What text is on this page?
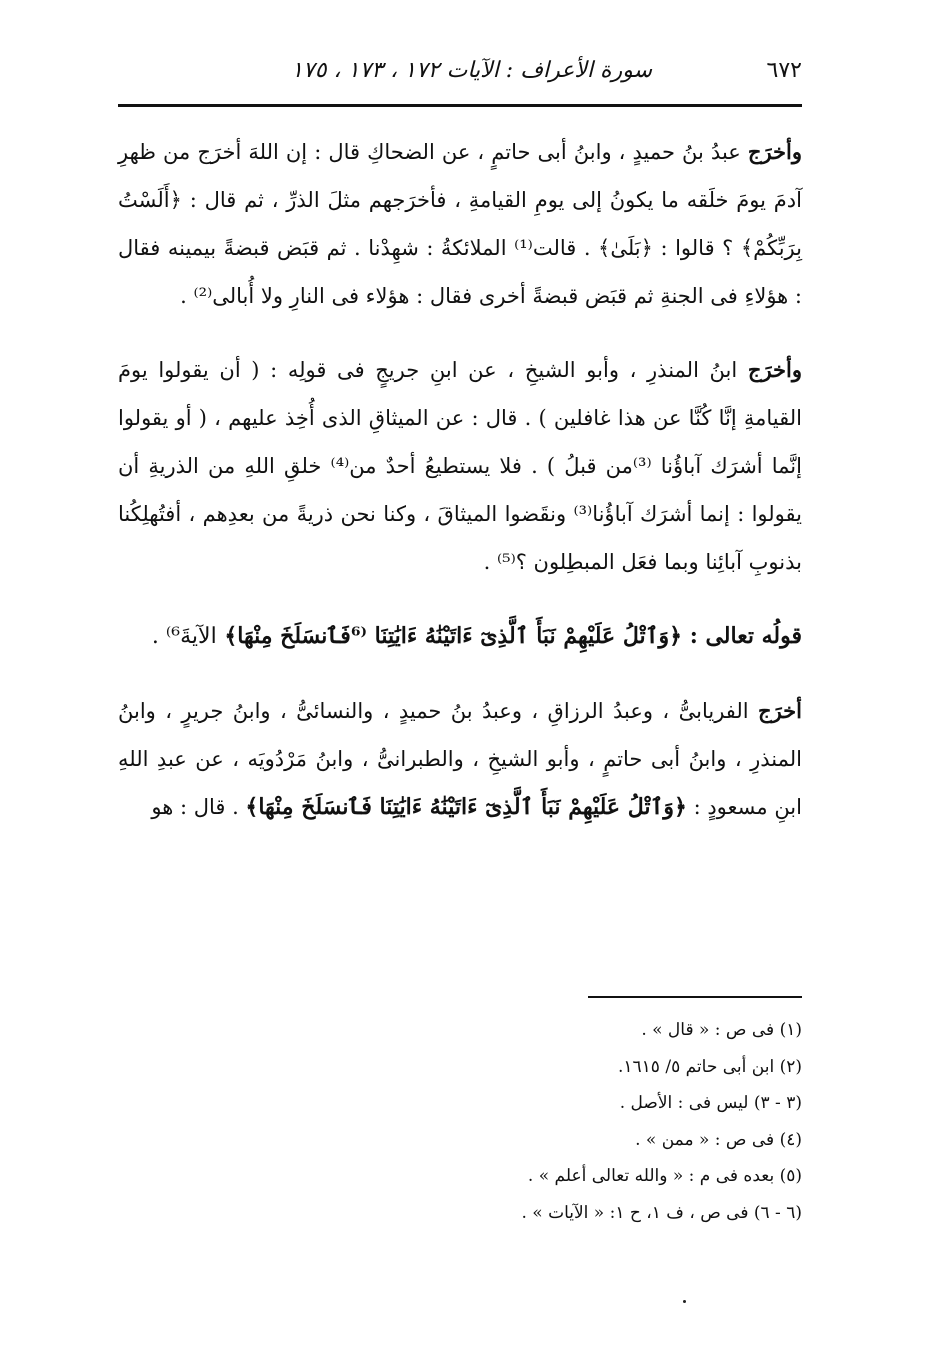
٦٧٢
سورة الأعراف : الآيات ١٧٢ ، ١٧٣ ، ١٧٥

وأخرَج عبدُ بنُ حميدٍ ، وابنُ أبى حاتمٍ ، عن الضحاكِ قال : إن اللهَ أخرَج من ظهرِ آدمَ يومَ خلَقه ما يكونُ إلى يومِ القيامةِ ، فأخرَجهم مثلَ الذرِّ ، ثم قال : ﴿أَلَسْتُ بِرَبِّكُمْ﴾ ؟ قالوا : ﴿بَلَىٰ﴾ . قالت⁽¹⁾ الملائكةُ : شهِدْنا . ثم قبَض قبضةً بيمينه فقال : هؤلاءِ فى الجنةِ ثم قبَض قبضةً أخرى فقال : هؤلاء فى النارِ ولا أُبالى⁽²⁾ .

وأخرَج ابنُ المنذرِ ، وأبو الشيخِ ، عن ابنِ جريجٍ فى قولِه : ( أن يقولوا يومَ القيامةِ إنَّا كُنَّا عن هذا غافلين ) . قال : عن الميثاقِ الذى أُخِذ عليهم ، ( أو يقولوا إنَّما أشرَك آباؤُنا ⁽³⁾من قبلُ ) . فلا يستطيعُ أحدٌ من⁽⁴⁾ خلقِ اللهِ من الذريةِ أن يقولوا : إنما أشرَك آباؤُنا⁽³⁾ ونقَضوا الميثاقَ ، وكنا نحن ذريةً من بعدِهم ، أفتُهلِكُنا بذنوبِ آبائِنا وبما فعَل المبطِلون ؟⁽⁵⁾ .

قولُه تعالى : ﴿وَٱتْلُ عَلَيْهِمْ نَبَأَ ٱلَّذِىٓ ءَاتَيْنَٰهُ ءَايَٰتِنَا ⁽⁶فَٱنسَلَخَ مِنْهَا﴾ الآيةَ⁶⁾ .

أخرَج الفريابىُّ ، وعبدُ الرزاقِ ، وعبدُ بنُ حميدٍ ، والنسائىُّ ، وابنُ جريرٍ ، وابنُ المنذرِ ، وابنُ أبى حاتمٍ ، وأبو الشيخِ ، والطبرانىُّ ، وابنُ مَرْدُويَه ، عن عبدِ اللهِ ابنِ مسعودٍ : ﴿وَٱتْلُ عَلَيْهِمْ نَبَأَ ٱلَّذِىٓ ءَاتَيْنَٰهُ ءَايَٰتِنَا فَٱنسَلَخَ مِنْهَا﴾ . قال : هو

(١) فى ص : « قال » .

(٢) ابن أبى حاتم ٥/ ١٦١٥.

(٣ - ٣) ليس فى : الأصل .

(٤) فى ص : « ممن » .

(٥) بعده فى م : « والله تعالى أعلم » .

(٦ - ٦) فى ص ، ف ١، ح ١: « الآيات » .
